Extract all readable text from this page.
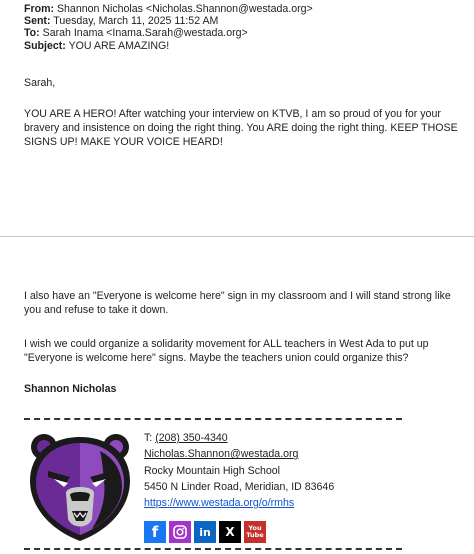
From: Shannon Nicholas <Nicholas.Shannon@westada.org>
Sent: Tuesday, March 11, 2025 11:52 AM
To: Sarah Inama <Inama.Sarah@westada.org>
Subject: YOU ARE AMAZING!
Sarah,
YOU ARE A HERO! After watching your interview on KTVB, I am so proud of you for your bravery and insistence on doing the right thing. You ARE doing the right thing. KEEP THOSE SIGNS UP! MAKE YOUR VOICE HEARD!
I also have an "Everyone is welcome here" sign in my classroom and I will stand strong like you and refuse to take it down.
I wish we could organize a solidarity movement for ALL teachers in West Ada to put up "Everyone is welcome here" signs. Maybe the teachers union could organize this?
Shannon Nicholas
T: (208) 350-4340
Nicholas.Shannon@westada.org
Rocky Mountain High School
5450 N Linder Road, Meridian, ID 83646
https://www.westada.org/o/rmhs
f	in X You
Tube
